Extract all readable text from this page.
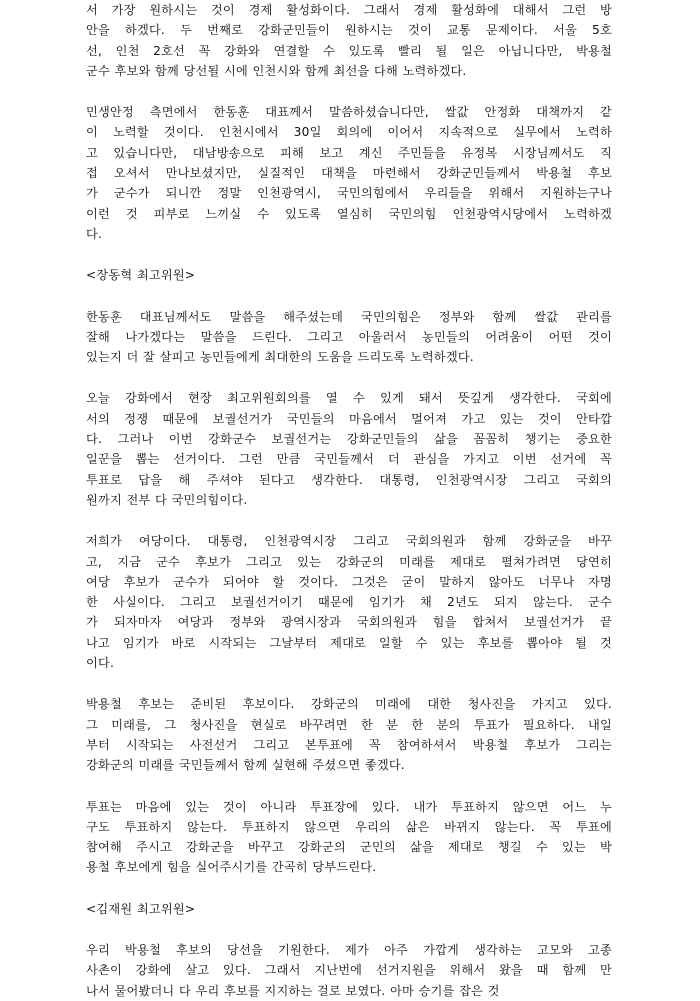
서 가장 원하시는 것이 경제 활성화이다. 그래서 경제 활성화에 대해서 그런 방
안을 하겠다. 두 번째로 강화군민들이 원하시는 것이 교통 문제이다. 서울 5호
선, 인천 2호선 꼭 강화와 연결할 수 있도록 빨리 될 일은 아닙니다만, 박용철
군수 후보와 함께 당선될 시에 인천시와 함께 최선을 다해 노력하겠다.
민생안정 측면에서 한동훈 대표께서 말씀하셨습니다만, 쌀값 안정화 대책까지 같
이 노력할 것이다. 인천시에서 30일 회의에 이어서 지속적으로 실무에서 노력하
고 있습니다만, 대남방송으로 피해 보고 계신 주민들을 유정복 시장님께서도 직
접 오셔서 만나보셨지만, 실질적인 대책을 마련해서 강화군민들께서 박용철 후보
가 군수가 되니깐 정말 인천광역시, 국민의힘에서 우리들을 위해서 지원하는구나
이런 것 피부로 느끼실 수 있도록 열심히 국민의힘 인천광역시당에서 노력하겠
다.
<장동혁 최고위원>
한동훈 대표님께서도 말씀을 해주셨는데 국민의힘은 정부와 함께 쌀값 관리를
잘해 나가겠다는 말씀을 드린다. 그리고 아울러서 농민들의 어려움이 어떤 것이
있는지 더 잘 살피고 농민들에게 최대한의 도움을 드리도록 노력하겠다.
오늘 강화에서 현장 최고위원회의를 열 수 있게 돼서 뜻깊게 생각한다. 국회에
서의 정쟁 때문에 보궐선거가 국민들의 마음에서 멀어져 가고 있는 것이 안타깝
다. 그러나 이번 강화군수 보궐선거는 강화군민들의 삶을 꼼꼼히 챙기는 중요한
일꾼을 뽑는 선거이다. 그런 만큼 국민들께서 더 관심을 가지고 이번 선거에 꼭
투표로 답을 해 주셔야 된다고 생각한다. 대통령, 인천광역시장 그리고 국회의
원까지 전부 다 국민의힘이다.
저희가 여당이다. 대통령, 인천광역시장 그리고 국회의원과 함께 강화군을 바꾸
고, 지금 군수 후보가 그리고 있는 강화군의 미래를 제대로 펼쳐가려면 당연히
여당 후보가 군수가 되어야 할 것이다. 그것은 굳이 말하지 않아도 너무나 자명
한 사실이다. 그리고 보궐선거이기 때문에 임기가 채 2년도 되지 않는다. 군수
가 되자마자 여당과 정부와 광역시장과 국회의원과 힘을 합쳐서 보궐선거가 끝
나고 임기가 바로 시작되는 그날부터 제대로 일할 수 있는 후보를 뽑아야 될 것
이다.
박용철 후보는 준비된 후보이다. 강화군의 미래에 대한 청사진을 가지고 있다.
그 미래를, 그 청사진을 현실로 바꾸려면 한 분 한 분의 투표가 필요하다. 내일
부터 시작되는 사전선거 그리고 본투표에 꼭 참여하셔서 박용철 후보가 그리는
강화군의 미래를 국민들께서 함께 실현해 주셨으면 좋겠다.
투표는 마음에 있는 것이 아니라 투표장에 있다. 내가 투표하지 않으면 어느 누
구도 투표하지 않는다. 투표하지 않으면 우리의 삶은 바뀌지 않는다. 꼭 투표에
참여해 주시고 강화군을 바꾸고 강화군의 군민의 삶을 제대로 챙길 수 있는 박
용철 후보에게 힘을 실어주시기를 간곡히 당부드린다.
<김재원 최고위원>
우리 박용철 후보의 당선을 기원한다. 제가 아주 가깝게 생각하는 고모와 고종
사촌이 강화에 살고 있다. 그래서 지난번에 선거지원을 위해서 왔을 때 함께 만
나서 물어봤더니 다 우리 후보를 지지하는 걸로 보였다. 아마 승기를 잡은 것
